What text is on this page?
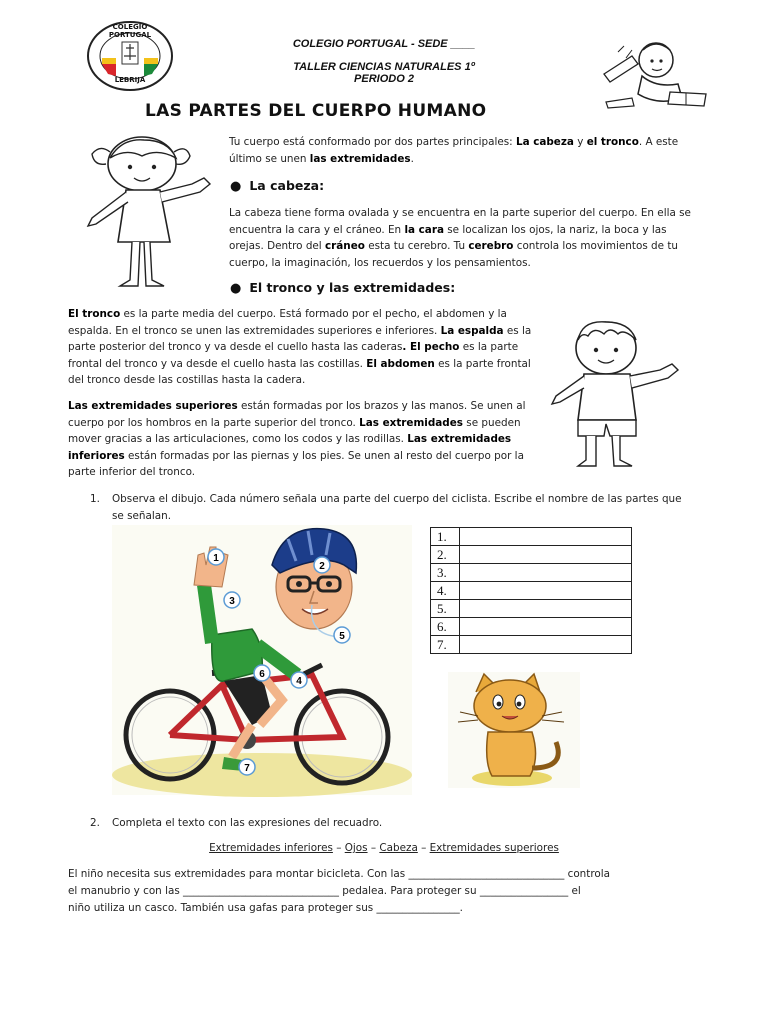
COLEGIO PORTUGAL
LEBRIJA
COLEGIO PORTUGAL - SEDE ____
TALLER CIENCIAS NATURALES 1º
PERIODO 2
LAS PARTES DEL CUERPO HUMANO
Tu cuerpo está conformado por dos partes principales: La cabeza y el tronco. A este último se unen las extremidades.
● La cabeza:
La cabeza tiene forma ovalada y se encuentra en la parte superior del cuerpo. En ella se encuentra la cara y el cráneo. En la cara se localizan los ojos, la nariz, la boca y las orejas. Dentro del cráneo esta tu cerebro. Tu cerebro controla los movimientos de tu cuerpo, la imaginación, los recuerdos y los pensamientos.
● El tronco y las extremidades:
El tronco es la parte media del cuerpo. Está formado por el pecho, el abdomen y la espalda. En el tronco se unen las extremidades superiores e inferiores. La espalda es la parte posterior del tronco y va desde el cuello hasta las caderas. El pecho es la parte frontal del tronco y va desde el cuello hasta las costillas. El abdomen es la parte frontal del tronco desde las costillas hasta la cadera.
Las extremidades superiores están formadas por los brazos y las manos. Se unen al cuerpo por los hombros en la parte superior del tronco. Las extremidades se pueden mover gracias a las articulaciones, como los codos y las rodillas. Las extremidades inferiores están formadas por las piernas y los pies. Se unen al resto del cuerpo por la parte inferior del tronco.
1. Observa el dibujo. Cada número señala una parte del cuerpo del ciclista. Escribe el nombre de las partes que se señalan.
1
2
3
4
5
6
7
1.	
2.	
3.	
4.	
5.	
6.	
7.	
2. Completa el texto con las expresiones del recuadro.
Extremidades inferiores – Ojos – Cabeza – Extremidades superiores
El niño necesita sus extremidades para montar bicicleta. Con las ______________________________ controla
el manubrio y con las ______________________________ pedalea. Para proteger su _________________ el
niño utiliza un casco. También usa gafas para proteger sus ________________.
